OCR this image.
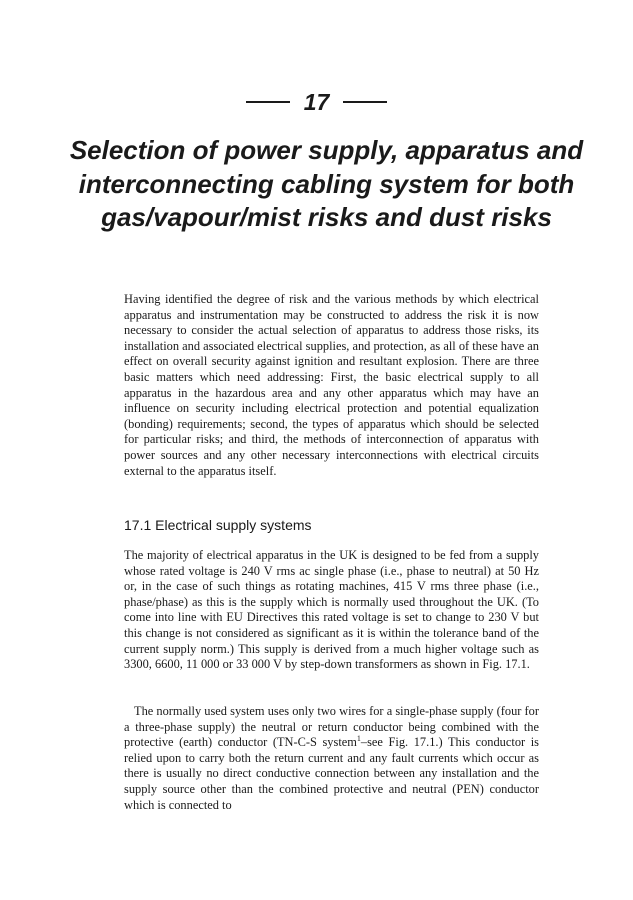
17
Selection of power supply, apparatus and interconnecting cabling system for both gas/vapour/mist risks and dust risks

Having identified the degree of risk and the various methods by which electrical apparatus and instrumentation may be constructed to address the risk it is now necessary to consider the actual selection of apparatus to address those risks, its installation and associated electrical supplies, and protection, as all of these have an effect on overall security against ignition and resultant explosion. There are three basic matters which need addressing: First, the basic electrical supply to all apparatus in the hazardous area and any other apparatus which may have an influence on security including electrical protection and potential equalization (bonding) requirements; second, the types of apparatus which should be selected for particular risks; and third, the methods of interconnection of apparatus with power sources and any other necessary interconnections with electrical circuits external to the apparatus itself.

17.1 Electrical supply systems

The majority of electrical apparatus in the UK is designed to be fed from a supply whose rated voltage is 240 V rms ac single phase (i.e., phase to neutral) at 50 Hz or, in the case of such things as rotating machines, 415 V rms three phase (i.e., phase/phase) as this is the supply which is normally used throughout the UK. (To come into line with EU Directives this rated voltage is set to change to 230 V but this change is not considered as significant as it is within the tolerance band of the current supply norm.) This supply is derived from a much higher voltage such as 3300, 6600, 11 000 or 33 000 V by step-down transformers as shown in Fig. 17.1.

The normally used system uses only two wires for a single-phase supply (four for a three-phase supply) the neutral or return conductor being combined with the protective (earth) conductor (TN-C-S system$^1$–see Fig. 17.1.) This conductor is relied upon to carry both the return current and any fault currents which occur as there is usually no direct conductive connection between any installation and the supply source other than the combined protective and neutral (PEN) conductor which is connected to
